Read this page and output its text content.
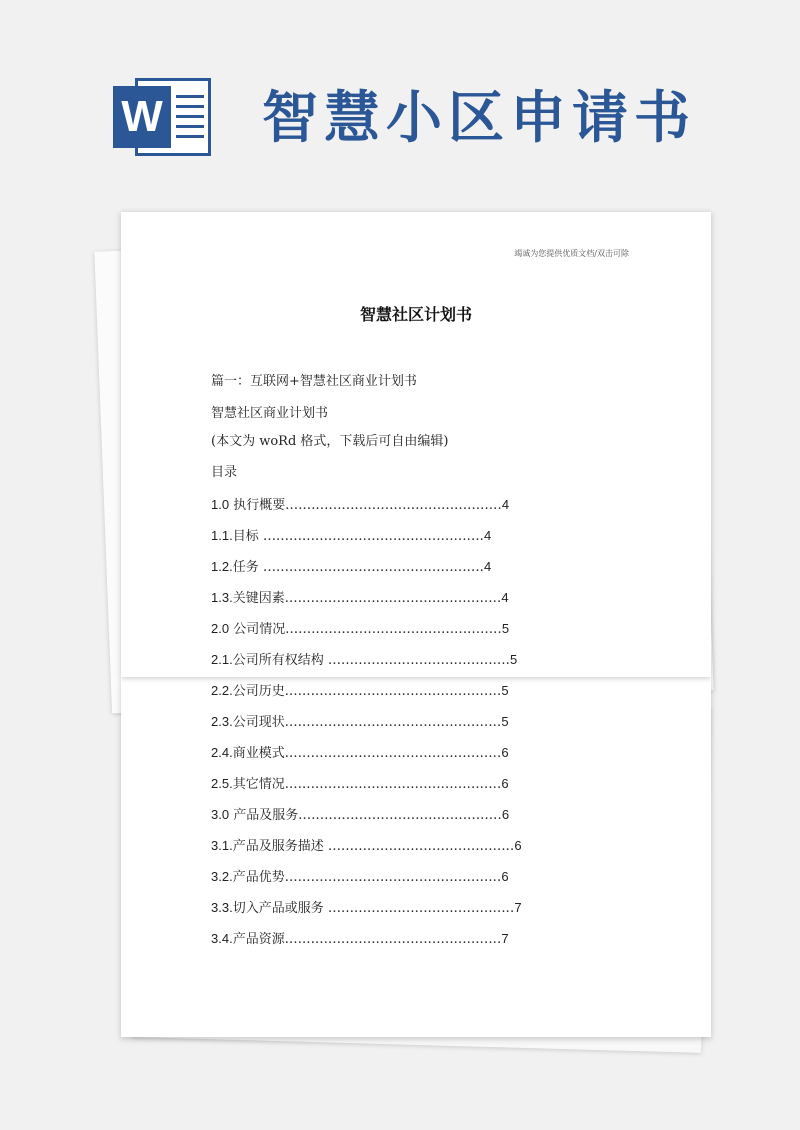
W 智慧小区申请书
竭诚为您提供优质文档/双击可除
智慧社区计划书
篇一：互联网+智慧社区商业计划书
智慧社区商业计划书
(本文为 woRd 格式，下载后可自由编辑)
目录
1.0 执行概要..................................................4
1.1.目标 ...................................................4
1.2.任务 ...................................................4
1.3.关键因素..................................................4
2.0 公司情况..................................................5
2.1.公司所有权结构 ..........................................5
2.2.公司历史..................................................5
2.3.公司现状..................................................5
2.4.商业模式..................................................6
2.5.其它情况..................................................6
3.0 产品及服务...............................................6
3.1.产品及服务描述 ...........................................6
3.2.产品优势..................................................6
3.3.切入产品或服务 ...........................................7
3.4.产品资源..................................................7
